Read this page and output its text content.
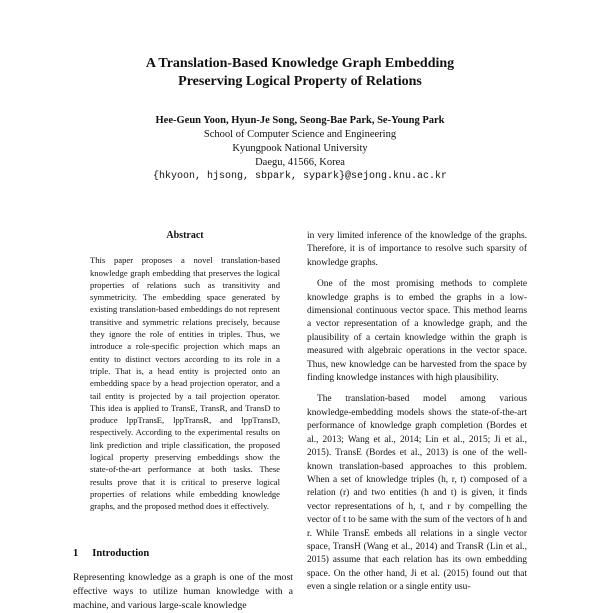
A Translation-Based Knowledge Graph Embedding
Preserving Logical Property of Relations
Hee-Geun Yoon, Hyun-Je Song, Seong-Bae Park, Se-Young Park
School of Computer Science and Engineering
Kyungpook National University
Daegu, 41566, Korea
{hkyoon, hjsong, sbpark, sypark}@sejong.knu.ac.kr
Abstract

This paper proposes a novel translation-based knowledge graph embedding that preserves the logical properties of relations such as transitivity and symmetricity. The embedding space generated by existing translation-based embeddings do not represent transitive and symmetric relations precisely, because they ignore the role of entities in triples. Thus, we introduce a role-specific projection which maps an entity to distinct vectors according to its role in a triple. That is, a head entity is projected onto an embedding space by a head projection operator, and a tail entity is projected by a tail projection operator. This idea is applied to TransE, TransR, and TransD to produce lppTransE, lppTransR, and lppTransD, respectively. According to the experimental results on link prediction and triple classification, the proposed logical property preserving embeddings show the state-of-the-art performance at both tasks. These results prove that it is critical to preserve logical properties of relations while embedding knowledge graphs, and the proposed method does it effectively.

1 Introduction
Representing knowledge as a graph is one of the most effective ways to utilize human knowledge with a machine, and various large-scale knowledge

in very limited inference of the knowledge of the graphs. Therefore, it is of importance to resolve such sparsity of knowledge graphs.

One of the most promising methods to complete knowledge graphs is to embed the graphs in a low-dimensional continuous vector space. This method learns a vector representation of a knowledge graph, and the plausibility of a certain knowledge within the graph is measured with algebraic operations in the vector space. Thus, new knowledge can be harvested from the space by finding knowledge instances with high plausibility.

The translation-based model among various knowledge-embedding models shows the state-of-the-art performance of knowledge graph completion (Bordes et al., 2013; Wang et al., 2014; Lin et al., 2015; Ji et al., 2015). TransE (Bordes et al., 2013) is one of the well-known translation-based approaches to this problem. When a set of knowledge triples (h, r, t) composed of a relation (r) and two entities (h and t) is given, it finds vector representations of h, t, and r by compelling the vector of t to be same with the sum of the vectors of h and r. While TransE embeds all relations in a single vector space, TransH (Wang et al., 2014) and TransR (Lin et al., 2015) assume that each relation has its own embedding space. On the other hand, Ji et al. (2015) found out that even a single relation or a single entity usu-
